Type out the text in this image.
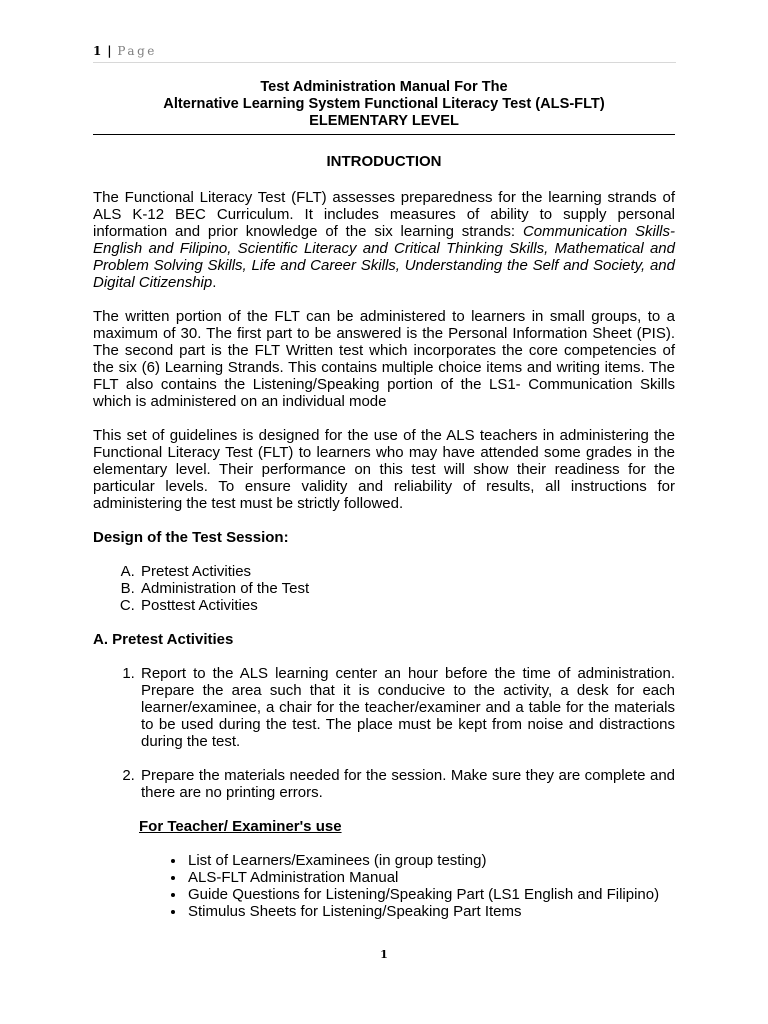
1 | Page
Test Administration Manual For The
Alternative Learning System Functional Literacy Test (ALS-FLT)
ELEMENTARY LEVEL
INTRODUCTION

The Functional Literacy Test (FLT) assesses preparedness for the learning strands of ALS K-12 BEC Curriculum. It includes measures of ability to supply personal information and prior knowledge of the six learning strands: Communication Skills- English and Filipino, Scientific Literacy and Critical Thinking Skills, Mathematical and Problem Solving Skills, Life and Career Skills, Understanding the Self and Society, and Digital Citizenship.

The written portion of the FLT can be administered to learners in small groups, to a maximum of 30. The first part to be answered is the Personal Information Sheet (PIS). The second part is the FLT Written test which incorporates the core competencies of the six (6) Learning Strands. This contains multiple choice items and writing items. The FLT also contains the Listening/Speaking portion of the LS1- Communication Skills which is administered on an individual mode

This set of guidelines is designed for the use of the ALS teachers in administering the Functional Literacy Test (FLT) to learners who may have attended some grades in the elementary level. Their performance on this test will show their readiness for the particular levels. To ensure validity and reliability of results, all instructions for administering the test must be strictly followed.

Design of the Test Session:

A. Pretest Activities
B. Administration of the Test
C. Posttest Activities

A. Pretest Activities

1. Report to the ALS learning center an hour before the time of administration. Prepare the area such that it is conducive to the activity, a desk for each learner/examinee, a chair for the teacher/examiner and a table for the materials to be used during the test. The place must be kept from noise and distractions during the test.
2. Prepare the materials needed for the session. Make sure they are complete and there are no printing errors.
For Teacher/ Examiner's use
• List of Learners/Examinees (in group testing)
• ALS-FLT Administration Manual
• Guide Questions for Listening/Speaking Part (LS1 English and Filipino)
• Stimulus Sheets for Listening/Speaking Part Items
1
